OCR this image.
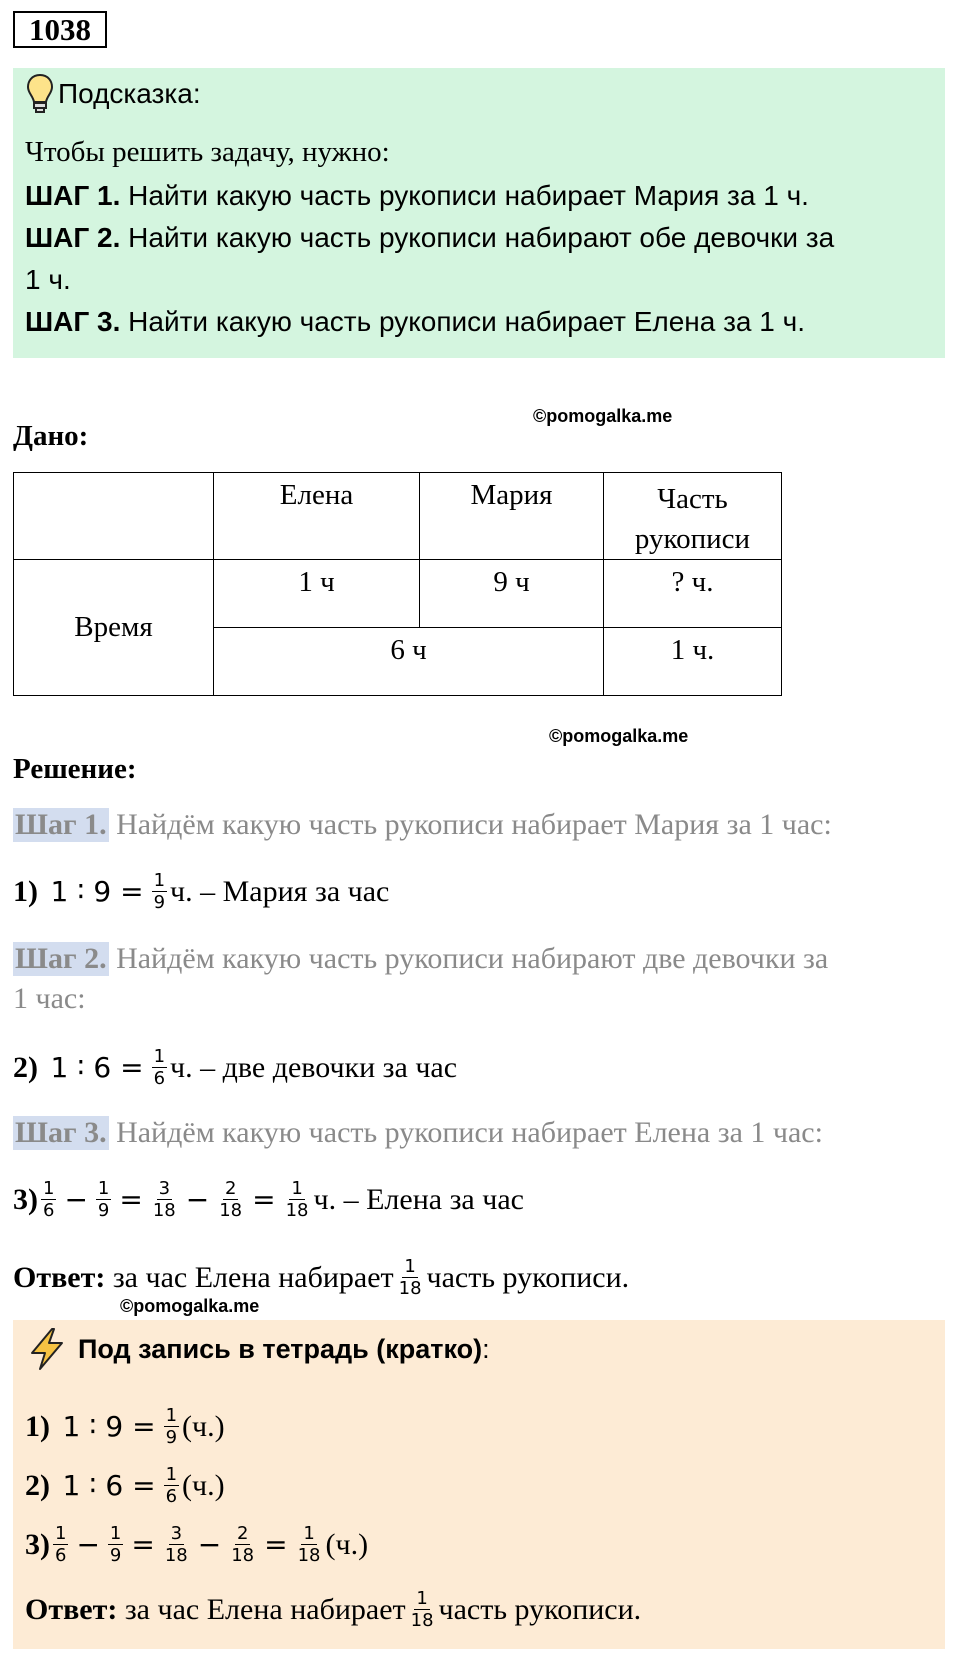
1038
Подсказка:
Чтобы решить задачу, нужно:
ШАГ 1. Найти какую часть рукописи набирает Мария за 1 ч.
ШАГ 2. Найти какую часть рукописи набирают обе девочки за
1 ч.
ШАГ 3. Найти какую часть рукописи набирает Елена за 1 ч.
©pomogalka.me
Дано:
	Елена	Мария	Часть
рукописи

Время	1 ч	9 ч	? ч.
	6 ч		1 ч.
©pomogalka.me
Решение:
Шаг 1.
Найдём какую часть рукописи набирает Мария за 1 час:
1)
1 ∶ $9 = \frac{1}{9} ч$. – Мария за час
Шаг 2.
Найдём какую часть рукописи набирают две девочки за
1 час:
2)
1 ∶ $6 = \frac{1}{6} ч$. – две девочки за час
Шаг 3.
Найдём какую часть рукописи набирает Елена за 1 час:
$3) \frac{1}{6} - \frac{1}{9} = \frac{3}{18} - \frac{2}{18} = \frac{1}{18} ч$. – Елена за час
Ответ:
за час Елена набирает $\frac{1}{18}$ часть рукописи.
©pomogalka.me
Под запись в тетрадь (кратко):
1)
1 ∶ $9 = \frac{1}{9} (ч.)$
2)
1 ∶ $6 = \frac{1}{6} (ч.)$
$3) \frac{1}{6} - \frac{1}{9} = \frac{3}{18} - \frac{2}{18} = \frac{1}{18} (ч.)$
Ответ:
за час Елена набирает $\frac{1}{18}$ часть рукописи.
